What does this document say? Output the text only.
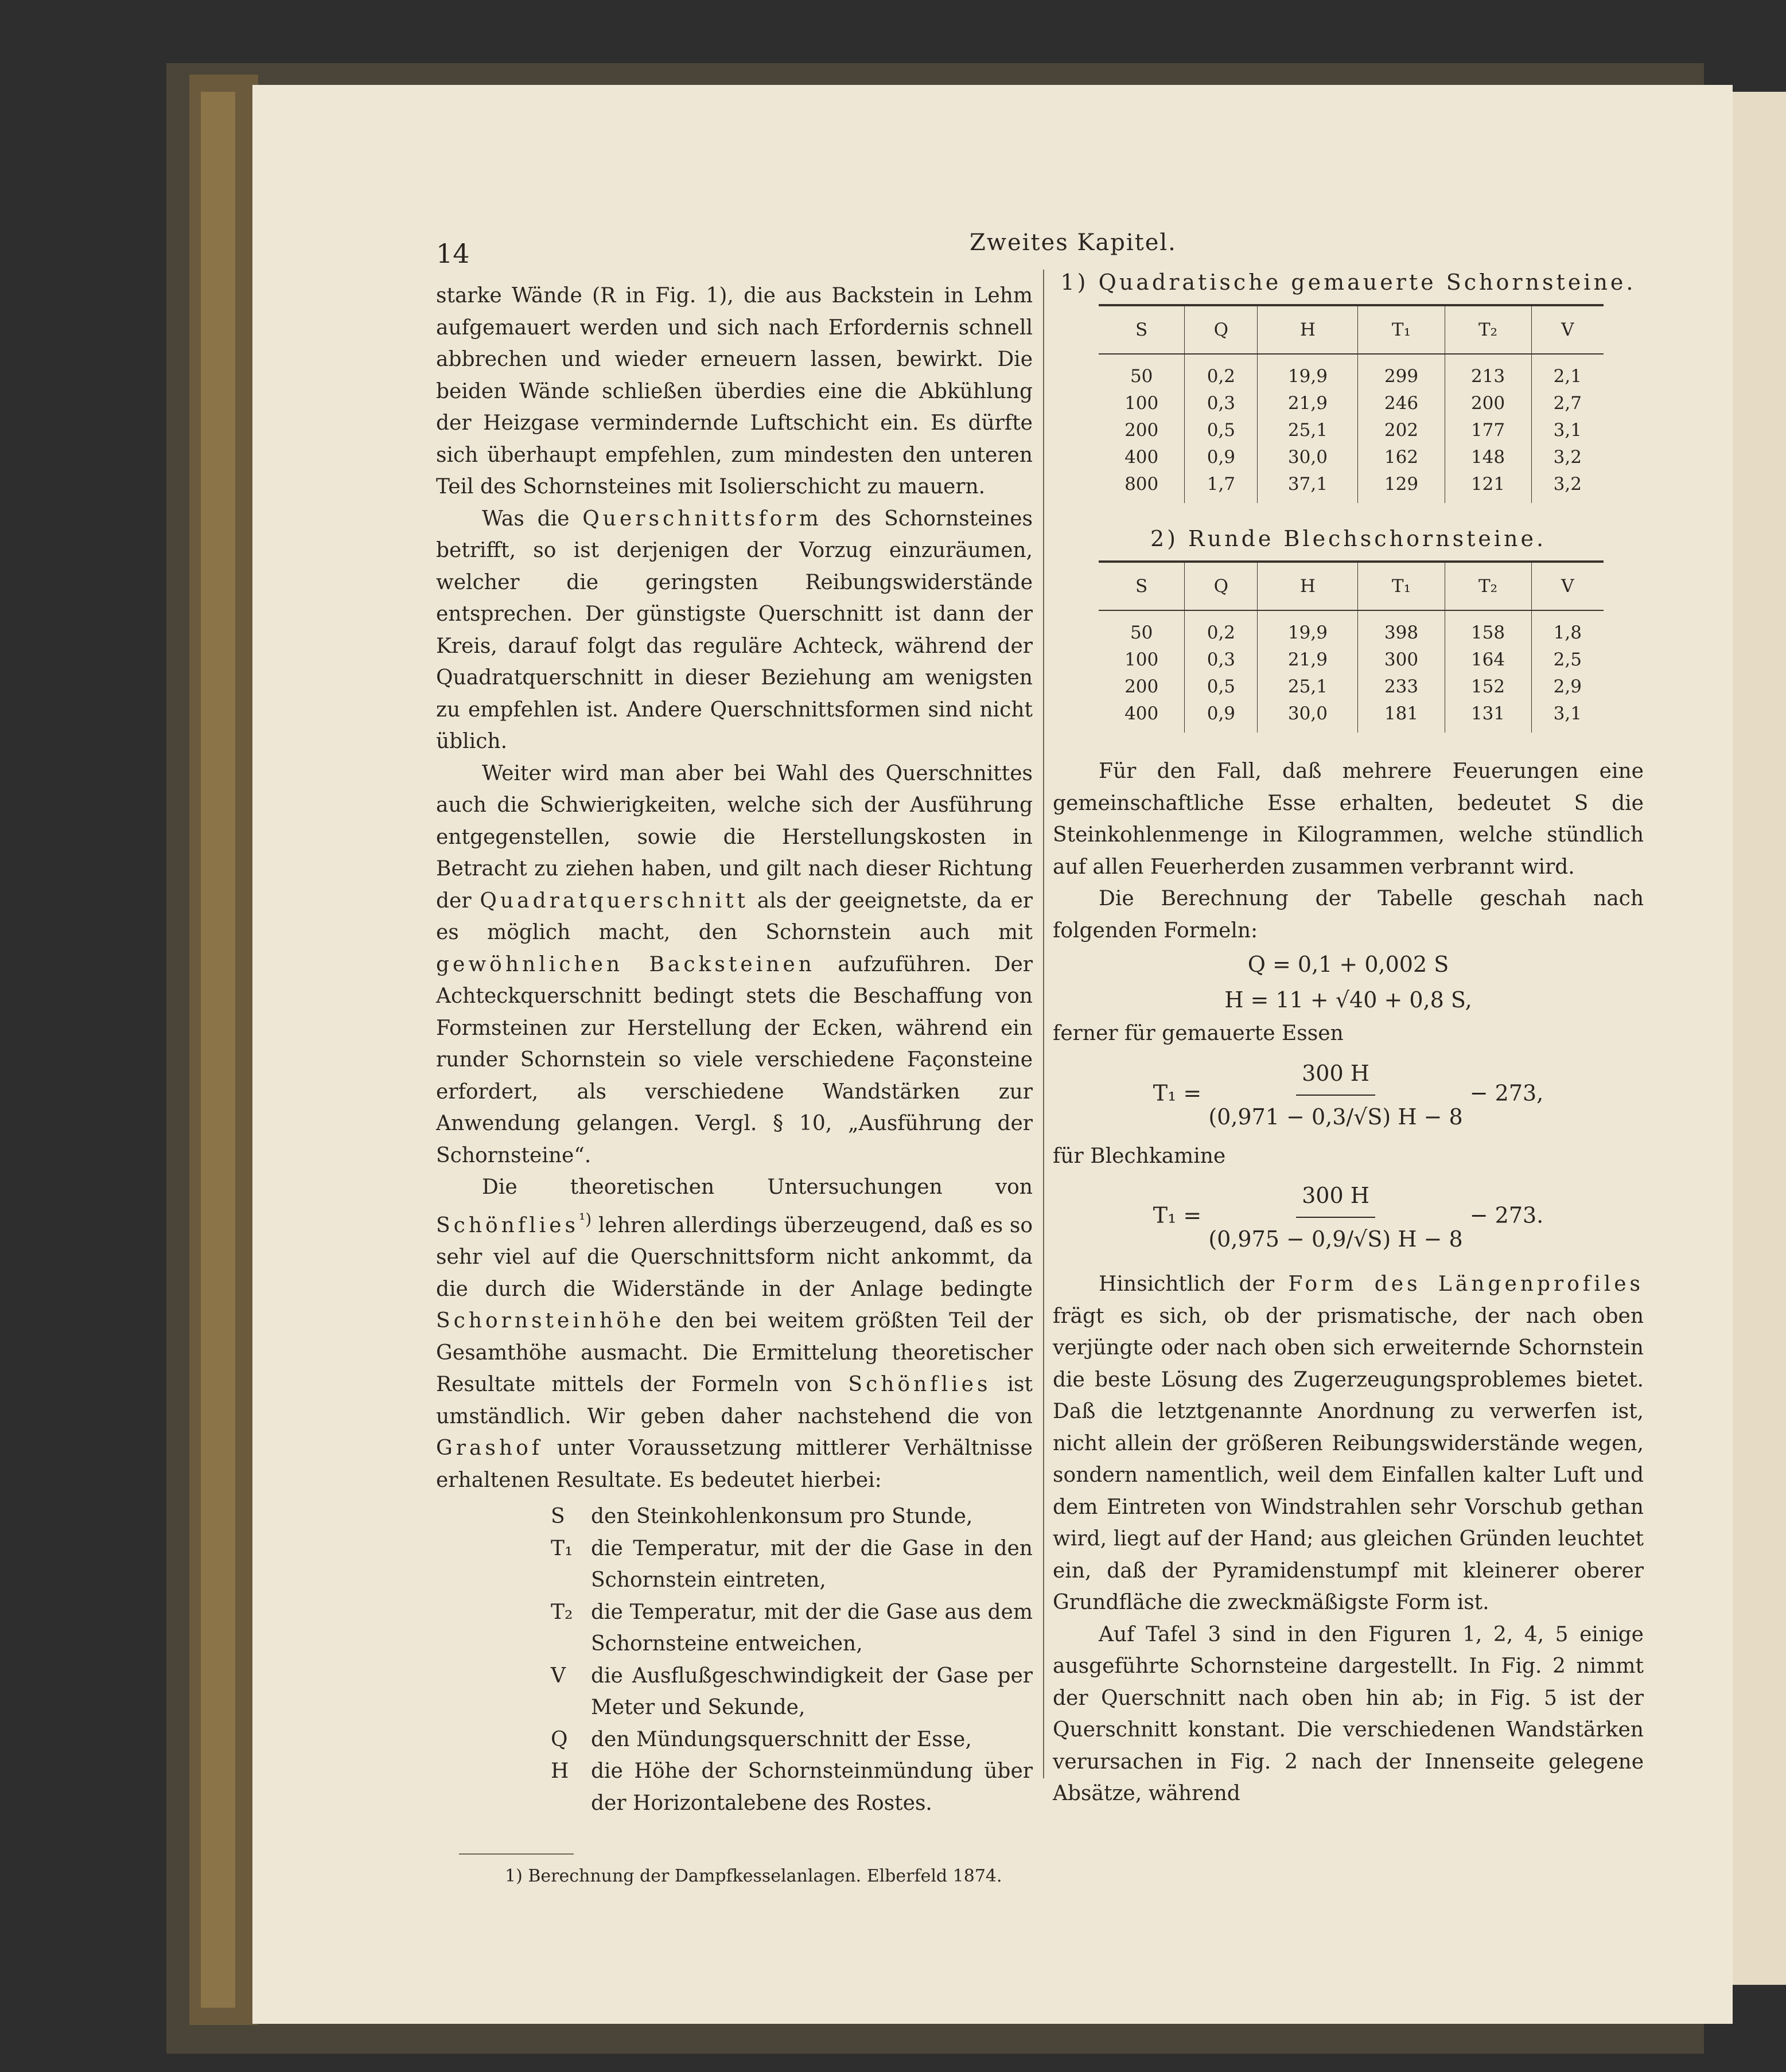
14	Zweites Kapitel.

starke Wände (R in Fig. 1), die aus Backstein in Lehm aufgemauert werden und sich nach Erfordernis schnell abbrechen und wieder erneuern lassen, bewirkt. Die beiden Wände schließen überdies eine die Abkühlung der Heizgase vermindernde Luftschicht ein. Es dürfte sich überhaupt empfehlen, zum mindesten den unteren Teil des Schornsteines mit Isolierschicht zu mauern.

Was die Querschnittsform des Schornsteines betrifft, so ist derjenigen der Vorzug einzuräumen, welcher die geringsten Reibungswiderstände entsprechen. Der günstigste Querschnitt ist dann der Kreis, darauf folgt das reguläre Achteck, während der Quadratquerschnitt in dieser Beziehung am wenigsten zu empfehlen ist. Andere Querschnittsformen sind nicht üblich.

Weiter wird man aber bei Wahl des Querschnittes auch die Schwierigkeiten, welche sich der Ausführung entgegenstellen, sowie die Herstellungskosten in Betracht zu ziehen haben, und gilt nach dieser Richtung der Quadratquerschnitt als der geeignetste, da er es möglich macht, den Schornstein auch mit gewöhnlichen Backsteinen aufzuführen. Der Achteckquerschnitt bedingt stets die Beschaffung von Formsteinen zur Herstellung der Ecken, während ein runder Schornstein so viele verschiedene Façonsteine erfordert, als verschiedene Wandstärken zur Anwendung gelangen. Vergl. § 10, „Ausführung der Schornsteine“.

Die theoretischen Untersuchungen von Schönflies$^{^1)}$ lehren allerdings überzeugend, daß es so sehr viel auf die Querschnittsform nicht ankommt, da die durch die Widerstände in der Anlage bedingte Schornsteinhöhe den bei weitem größten Teil der Gesamthöhe ausmacht. Die Ermittelung theoretischer Resultate mittels der Formeln von Schönflies ist umständlich. Wir geben daher nachstehend die von Grashof unter Voraussetzung mittlerer Verhältnisse erhaltenen Resultate. Es bedeutet hierbei:

S	den Steinkohlenkonsum pro Stunde,
T₁ die Temperatur, mit der die Gase in den Schornstein eintreten,
T₂ die Temperatur, mit der die Gase aus dem Schornsteine entweichen,
V	die Ausflußgeschwindigkeit der Gase per Meter und Sekunde,
Q	den Mündungsquerschnitt der Esse,
H	die Höhe der Schornsteinmündung über der Horizontalebene des Rostes.
1) Berechnung der Dampfkesselanlagen. Elberfeld 1874.
1) Quadratische gemauerte Schornsteine.
S	Q	H	T₁	T₂	V
50	0,2	19,9	299	213	2,1
100	0,3	21,9	246	200	2,7
200	0,5	25,1	202	177	3,1
400	0,9	30,0	162	148	3,2
800	1,7	37,1	129	121	3,2
2) Runde Blechschornsteine.
S	Q	H	T₁	T₂	V
50	0,2	19,9	398	158	1,8
100	0,3	21,9	300	164	2,5
200	0,5	25,1	233	152	2,9
400	0,9	30,0	181	131	3,1

Für den Fall, daß mehrere Feuerungen eine gemeinschaftliche Esse erhalten, bedeutet S die Steinkohlenmenge in Kilogrammen, welche stündlich auf allen Feuerherden zusammen verbrannt wird.

Die Berechnung der Tabelle geschah nach folgenden Formeln:

Q = 0,1 + 0,002 S
H = 11 + √40 + 0,8 S,

ferner für gemauerte Essen

$T_1 = \frac{300 H}{(0,971 - 0,3/√S) H - 8} - 273$,

für Blechkamine

$T_1 = \frac{300 H}{(0,975 - 0,9/√S) H - 8} - 273$.

Hinsichtlich der Form des Längenprofiles frägt es sich, ob der prismatische, der nach oben verjüngte oder nach oben sich erweiternde Schornstein die beste Lösung des Zugerzeugungsproblemes bietet. Daß die letztgenannte Anordnung zu verwerfen ist, nicht allein der größeren Reibungswiderstände wegen, sondern namentlich, weil dem Einfallen kalter Luft und dem Eintreten von Windstrahlen sehr Vorschub gethan wird, liegt auf der Hand; aus gleichen Gründen leuchtet ein, daß der Pyramidenstumpf mit kleinerer oberer Grundfläche die zweckmäßigste Form ist.

Auf Tafel 3 sind in den Figuren 1, 2, 4, 5 einige ausgeführte Schornsteine dargestellt. In Fig. 2 nimmt der Querschnitt nach oben hin ab; in Fig. 5 ist der Querschnitt konstant. Die verschiedenen Wandstärken verursachen in Fig. 2 nach der Innenseite gelegene Absätze, während
